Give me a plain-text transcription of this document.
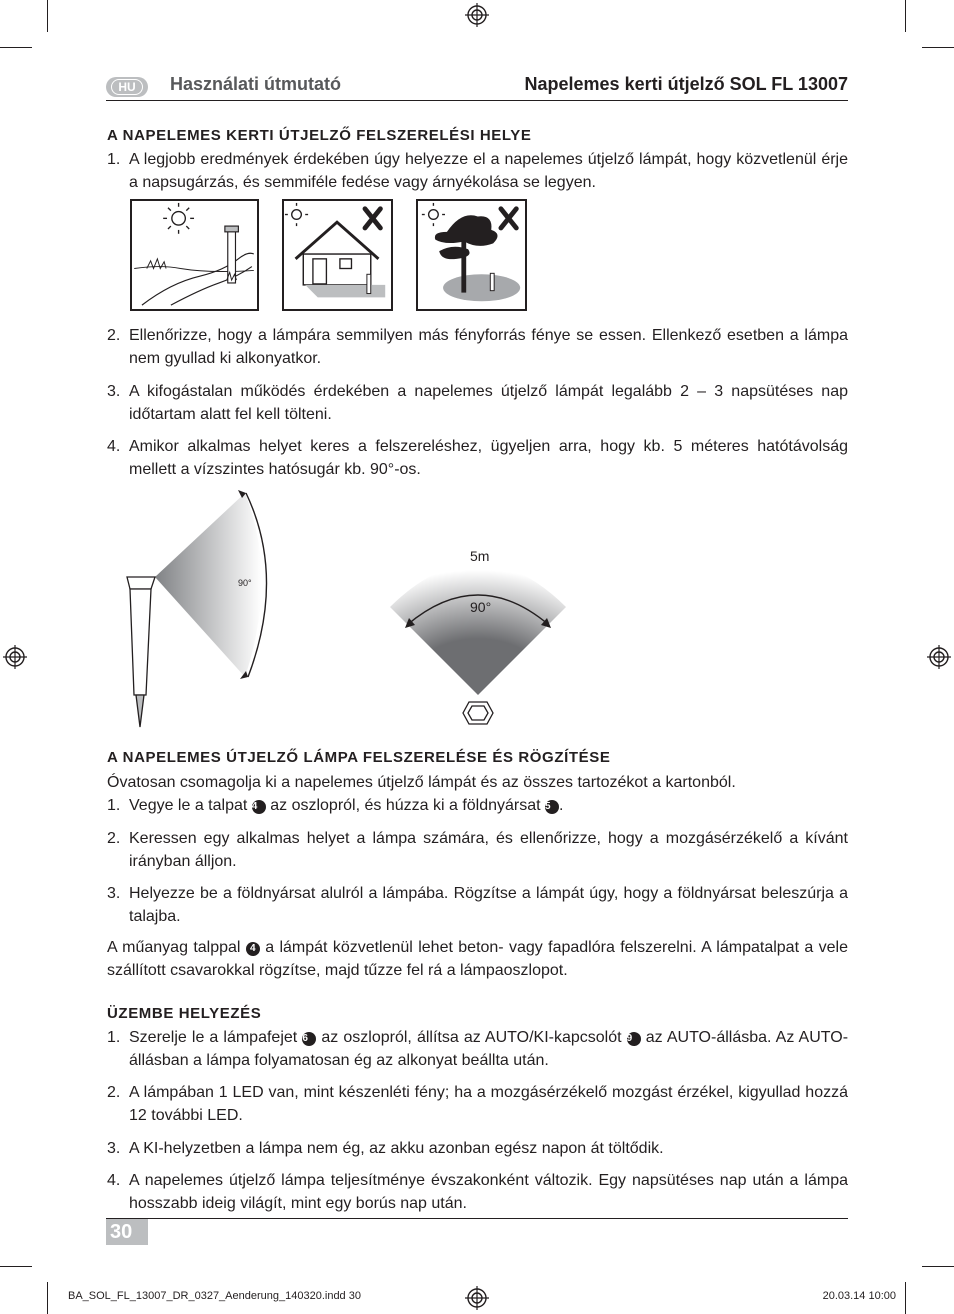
HU	Használati útmutató	Napelemes kerti útjelző SOL FL 13007
A NAPELEMES KERTI ÚTJELZŐ FELSZERELÉSI HELYE
1. A legjobb eredmények érdekében úgy helyezze el a napelemes útjelző lámpát, hogy közvetlenül érje a napsugárzás, és semmiféle fedése vagy árnyékolása se legyen.
2. Ellenőrizze, hogy a lámpára semmilyen más fényforrás fénye se essen. Ellenkező esetben a lámpa nem gyullad ki alkonyatkor.
3. A kifogástalan működés érdekében a napelemes útjelző lámpát legalább 2 – 3 napsütéses nap időtartam alatt fel kell tölteni.
4. Amikor alkalmas helyet keres a felszereléshez, ügyeljen arra, hogy kb. 5 méteres hatótávolság mellett a vízszintes hatósugár kb. 90°-os.
90°
5m
90°
A NAPELEMES ÚTJELZŐ LÁMPA FELSZERELÉSE ÉS RÖGZÍTÉSE
Óvatosan csomagolja ki a napelemes útjelző lámpát és az összes tartozékot a kartonból.
1. Vegye le a talpat 4 az oszlopról, és húzza ki a földnyársat 5 .
2. Keressen egy alkalmas helyet a lámpa számára, és ellenőrizze, hogy a mozgásérzékelő a kívánt irányban álljon.
3. Helyezze be a földnyársat alulról a lámpába. Rögzítse a lámpát úgy, hogy a földnyársat beleszúrja a talajba.
A műanyag talppal 4 a lámpát közvetlenül lehet beton- vagy fapadlóra felszerelni. A lámpatalpat a vele szállított csavarokkal rögzítse, majd tűzze fel rá a lámpaoszlopot.
ÜZEMBE HELYEZÉS
1. Szerelje le a lámpafejet 6 az oszlopról, állítsa az AUTO/KI-kapcsolót 9 az AUTO-állásba. Az AUTO-állásban a lámpa folyamatosan ég az alkonyat beállta után.
2. A lámpában 1 LED van, mint készenléti fény; ha a mozgásérzékelő mozgást érzékel, kigyullad hozzá 12 további LED.
3. A KI-helyzetben a lámpa nem ég, az akku azonban egész napon át töltődik.
4. A napelemes útjelző lámpa teljesítménye évszakonként változik. Egy napsütéses nap után a lámpa hosszabb ideig világít, mint egy borús nap után.
30
BA_SOL_FL_13007_DR_0327_Aenderung_140320.indd 30	20.03.14 10:00
